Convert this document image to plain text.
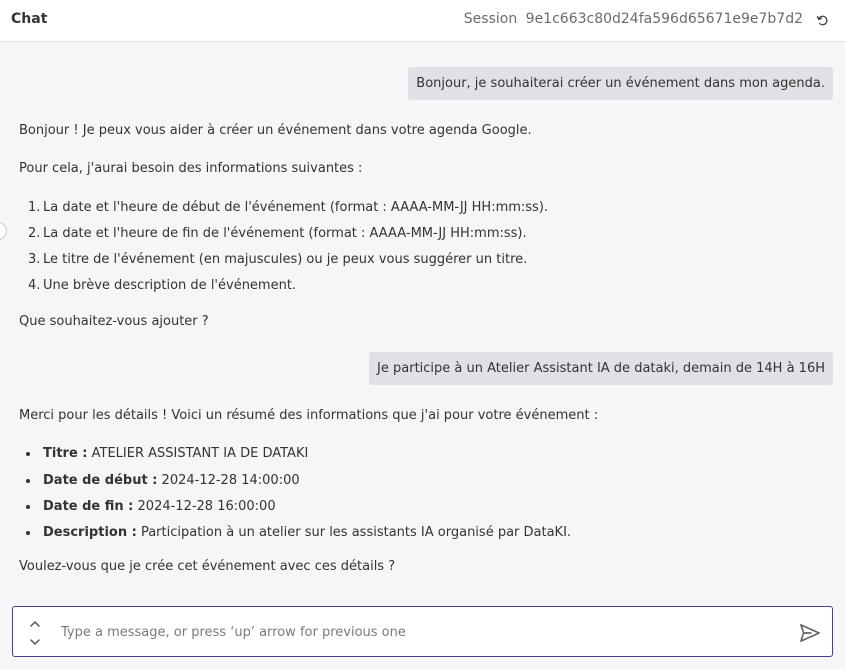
Chat	Session 9e1c663c80d24fa596d65671e9e7b7d2
Bonjour, je souhaiterai créer un événement dans mon agenda.
Bonjour ! Je peux vous aider à créer un événement dans votre agenda Google.
Pour cela, j'aurai besoin des informations suivantes :
1. La date et l'heure de début de l'événement (format : AAAA-MM-JJ HH:mm:ss).
2. La date et l'heure de fin de l'événement (format : AAAA-MM-JJ HH:mm:ss).
3. Le titre de l'événement (en majuscules) ou je peux vous suggérer un titre.
4. Une brève description de l'événement.
Que souhaitez-vous ajouter ?
Je participe à un Atelier Assistant IA de dataki, demain de 14H à 16H
Merci pour les détails ! Voici un résumé des informations que j'ai pour votre événement :
Titre : ATELIER ASSISTANT IA DE DATAKI
Date de début : 2024-12-28 14:00:00
Date de fin : 2024-12-28 16:00:00
Description : Participation à un atelier sur les assistants IA organisé par DataKI.
Voulez-vous que je crée cet événement avec ces détails ?
Type a message, or press ‘up’ arrow for previous one
